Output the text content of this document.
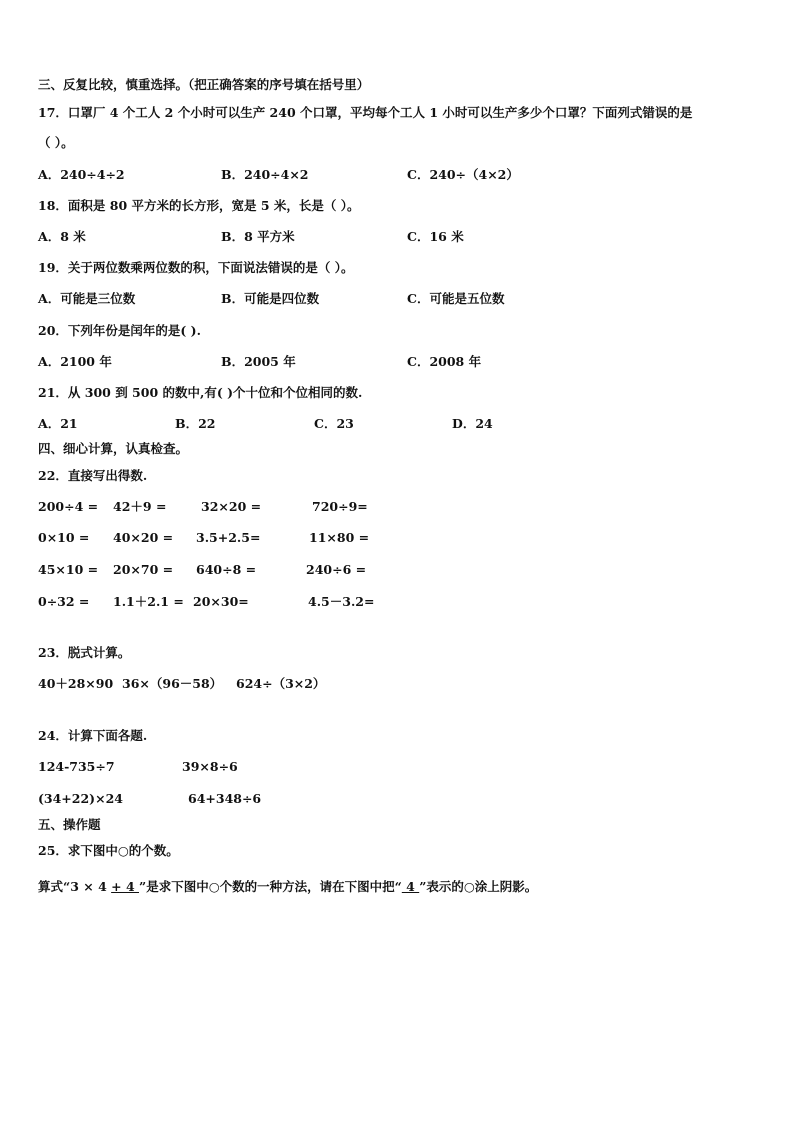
三、反复比较，慎重选择。（把正确答案的序号填在括号里）
17．口罩厂 4 个工人 2 个小时可以生产 240 个口罩，平均每个工人 1 小时可以生产多少个口罩？下面列式错误的是
（ ）。
A．240÷4÷2	B．240÷4×2	C．240÷（4×2）
18．面积是 80 平方米的长方形，宽是 5 米，长是（ ）。
A．8 米	B．8 平方米	C．16 米
19．关于两位数乘两位数的积，下面说法错误的是（ ）。
A．可能是三位数	B．可能是四位数	C．可能是五位数
20．下列年份是闰年的是( ).
A．2100 年	B．2005 年	C．2008 年
21．从 300 到 500 的数中,有( )个十位和个位相同的数.
A．21	B．22	C．23	D．24
四、细心计算，认真检查。
22．直接写出得数.
200÷4 = 42＋9 =	32×20 =	720÷9=
0×10 = 40×20 = 3.5+2.5=	11×80 =
45×10 = 20×70 = 640÷8 =	240÷6 =
0÷32 = 1.1＋2.1 = 20×30=	4.5－3.2=
23．脱式计算。
40＋28×90 36×（96－58） 624÷（3×2）
24．计算下面各题.
124-735÷7	39×8÷6
(34+22)×24	64+348÷6
五、操作题
25．求下图中○的个数。
算式“3 × 4 + 4 ”是求下图中○个数的一种方法，请在下图中把“ 4 ”表示的○涂上阴影。
